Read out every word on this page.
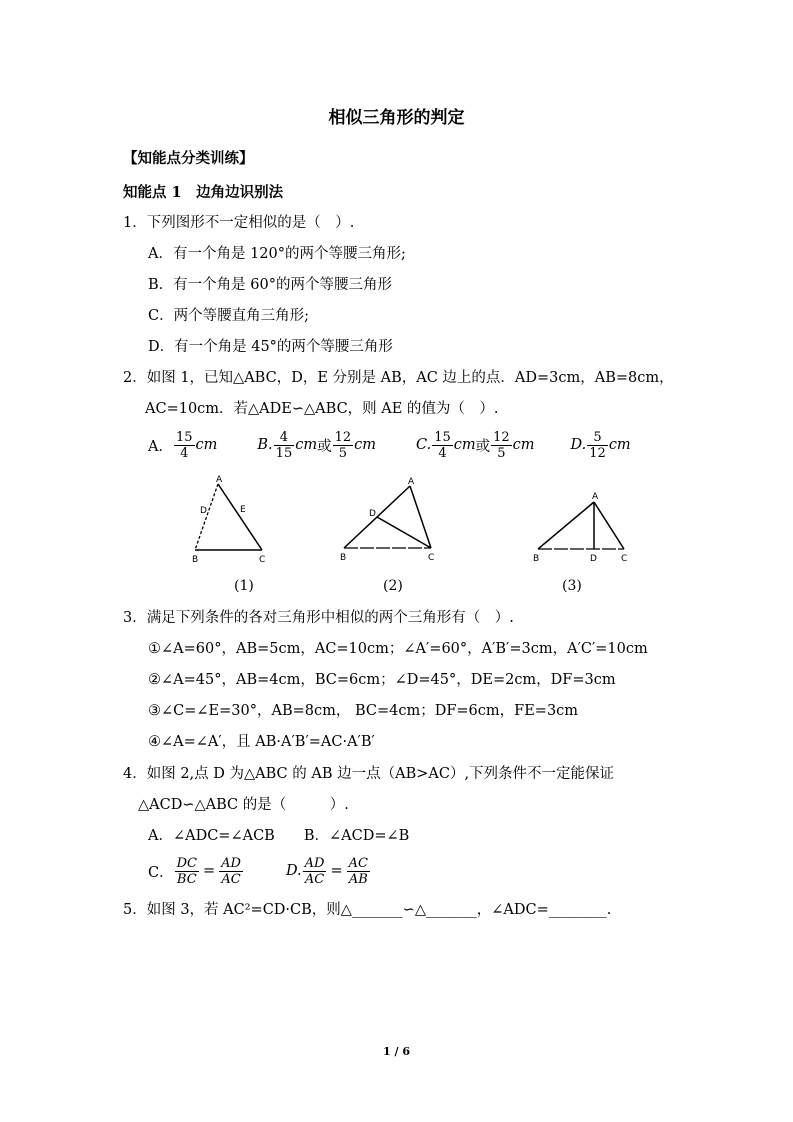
相似三角形的判定
【知能点分类训练】
知能点 1　边角边识别法
1．下列图形不一定相似的是（　）.
A．有一个角是 120°的两个等腰三角形;
B．有一个角是 60°的两个等腰三角形
C．两个等腰直角三角形;
D．有一个角是 45°的两个等腰三角形
2．如图 1，已知△ABC，D，E 分别是 AB，AC 边上的点．AD=3cm，AB=8cm，
AC=10cm．若△ADE∽△ABC，则 AE 的值为（　）.
A． $\frac{15}{4}$ cm	B. $\frac{4}{15}$ cm 或 $\frac{12}{5}$ cm	C. $\frac{15}{4}$ cm 或 $\frac{12}{5}$ cm D. $\frac{5}{12}$ cm
A
D	E
B	C
(1)
A
D
B	C
(2)
A
B	D	C
(3)
3．满足下列条件的各对三角形中相似的两个三角形有（　）.
①∠A=60°，AB=5cm，AC=10cm；∠A′=60°，A′B′=3cm，A′C′=10cm
②∠A=45°，AB=4cm，BC=6cm；∠D=45°，DE=2cm，DF=3cm
③∠C=∠E=30°，AB=8cm， BC=4cm；DF=6cm，FE=3cm
④∠A=∠A′，且 AB·A′B′=AC·A′B′
4．如图 2,点 D 为△ABC 的 AB 边一点（AB>AC）,下列条件不一定能保证
△ACD∽△ABC 的是（　　　）.
A．∠ADC=∠ACB　　B．∠ACD=∠B
C． $\frac{DC}{BC} = \frac{AD}{AC}$	D. $\frac{AD}{AC} = \frac{AC}{AB}$
5．如图 3，若 AC²=CD·CB，则△_______∽△_______，∠ADC=________.
1 / 6
